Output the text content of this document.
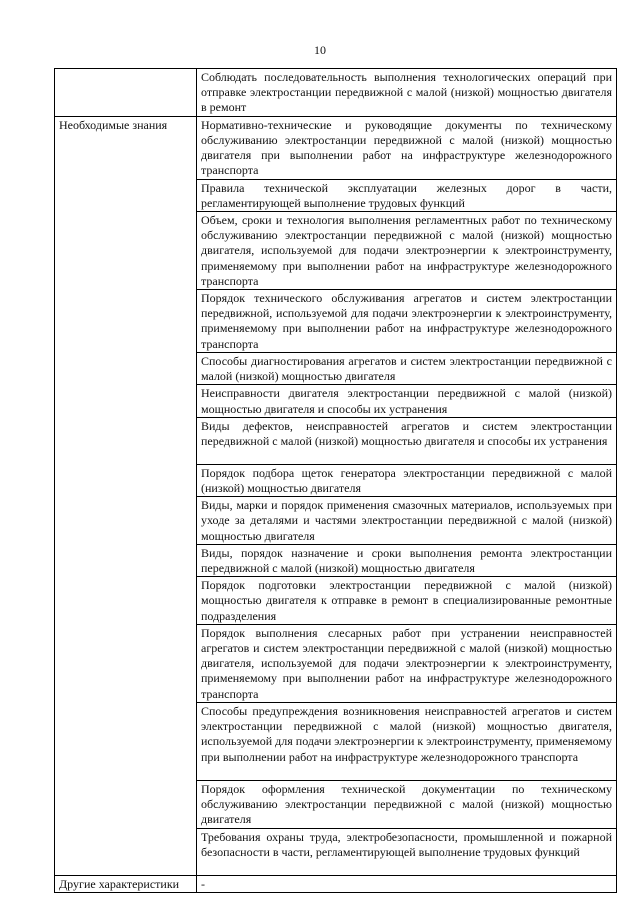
10
	Соблюдать последовательность выполнения технологических операций при отправке электростанции передвижной с малой (низкой) мощностью двигателя в ремонт
Необходимые знания	Нормативно-технические и руководящие документы по техническому обслуживанию электростанции передвижной с малой (низкой) мощностью двигателя при выполнении работ на инфраструктуре железнодорожного транспорта
	Правила технической эксплуатации железных дорог в части, регламентирующей выполнение трудовых функций
	Объем, сроки и технология выполнения регламентных работ по техническому обслуживанию электростанции передвижной с малой (низкой) мощностью двигателя, используемой для подачи электроэнергии к электроинструменту, применяемому при выполнении работ на инфраструктуре железнодорожного транспорта
	Порядок технического обслуживания агрегатов и систем электростанции передвижной, используемой для подачи электроэнергии к электроинструменту, применяемому при выполнении работ на инфраструктуре железнодорожного транспорта
	Способы диагностирования агрегатов и систем электростанции передвижной с малой (низкой) мощностью двигателя
	Неисправности двигателя электростанции передвижной с малой (низкой) мощностью двигателя и способы их устранения
	Виды дефектов, неисправностей агрегатов и систем электростанции передвижной с малой (низкой) мощностью двигателя и способы их устранения
	Порядок подбора щеток генератора электростанции передвижной с малой (низкой) мощностью двигателя
	Виды, марки и порядок применения смазочных материалов, используемых при уходе за деталями и частями электростанции передвижной с малой (низкой) мощностью двигателя
	Виды, порядок назначение и сроки выполнения ремонта электростанции передвижной с малой (низкой) мощностью двигателя
	Порядок подготовки электростанции передвижной с малой (низкой) мощностью двигателя к отправке в ремонт в специализированные ремонтные подразделения
	Порядок выполнения слесарных работ при устранении неисправностей агрегатов и систем электростанции передвижной с малой (низкой) мощностью двигателя, используемой для подачи электроэнергии к электроинструменту, применяемому при выполнении работ на инфраструктуре железнодорожного транспорта
	Способы предупреждения возникновения неисправностей агрегатов и систем электростанции передвижной с малой (низкой) мощностью двигателя, используемой для подачи электроэнергии к электроинструменту, применяемому при выполнении работ на инфраструктуре железнодорожного транспорта
	Порядок оформления технической документации по техническому обслуживанию электростанции передвижной с малой (низкой) мощностью двигателя
	Требования охраны труда, электробезопасности, промышленной и пожарной безопасности в части, регламентирующей выполнение трудовых функций
Другие характеристики	-
